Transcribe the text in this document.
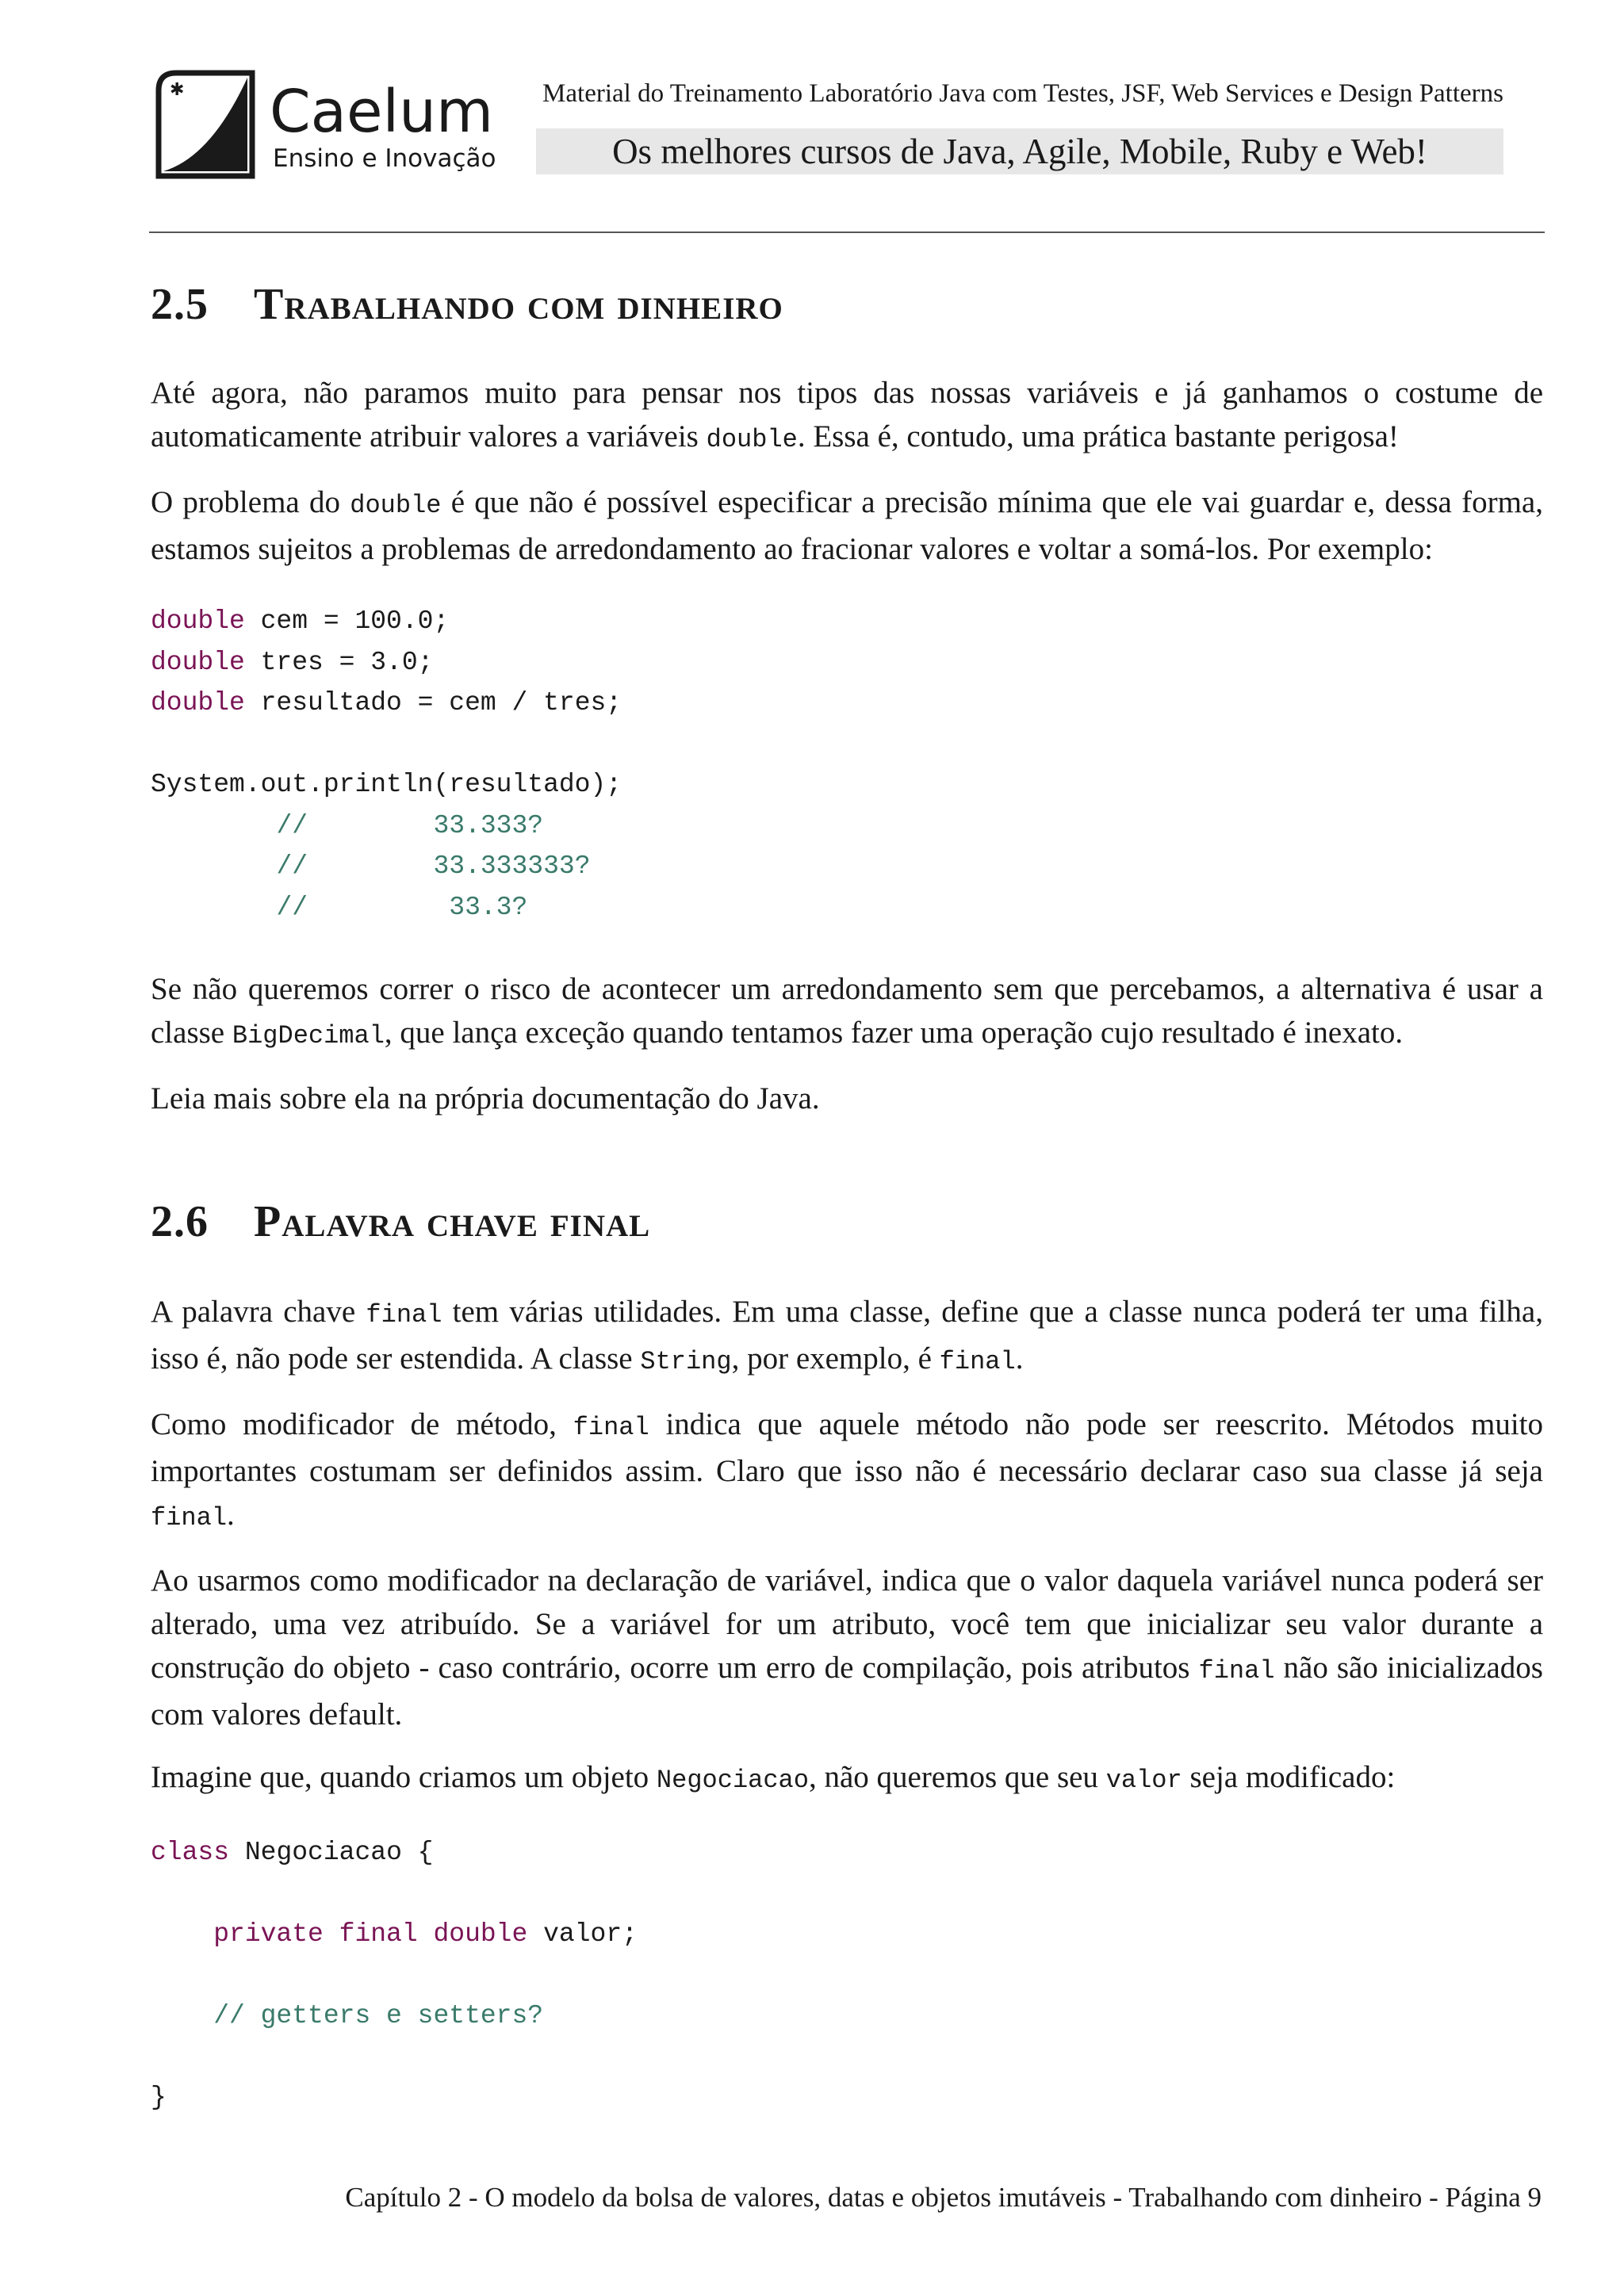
✱ Caelum
Ensino e Inovação
Material do Treinamento Laboratório Java com Testes, JSF, Web Services e Design Patterns
Os melhores cursos de Java, Agile, Mobile, Ruby e Web!
2.5	Trabalhando com dinheiro

Até agora, não paramos muito para pensar nos tipos das nossas variáveis e já ganhamos o costume de automaticamente atribuir valores a variáveis double. Essa é, contudo, uma prática bastante perigosa!

O problema do double é que não é possível especificar a precisão mínima que ele vai guardar e, dessa forma, estamos sujeitos a problemas de arredondamento ao fracionar valores e voltar a somá-los. Por exemplo:

double cem = 100.0;
double tres = 3.0;
double resultado = cem / tres;
System.out.println(resultado);
//        33.333?
//        33.333333?
//         33.3?

Se não queremos correr o risco de acontecer um arredondamento sem que percebamos, a alternativa é usar a classe BigDecimal, que lança exceção quando tentamos fazer uma operação cujo resultado é inexato.

Leia mais sobre ela na própria documentação do Java.

2.6	Palavra chave final

A palavra chave final tem várias utilidades. Em uma classe, define que a classe nunca poderá ter uma filha, isso é, não pode ser estendida. A classe String, por exemplo, é final.

Como modificador de método, final indica que aquele método não pode ser reescrito. Métodos muito importantes costumam ser definidos assim. Claro que isso não é necessário declarar caso sua classe já seja final.

Ao usarmos como modificador na declaração de variável, indica que o valor daquela variável nunca poderá ser alterado, uma vez atribuído. Se a variável for um atributo, você tem que inicializar seu valor durante a construção do objeto - caso contrário, ocorre um erro de compilação, pois atributos final não são inicializados com valores default.

Imagine que, quando criamos um objeto Negociacao, não queremos que seu valor seja modificado:

class Negociacao {
private final double valor;
// getters e setters?
}
Capítulo 2 - O modelo da bolsa de valores, datas e objetos imutáveis - Trabalhando com dinheiro - Página 9
